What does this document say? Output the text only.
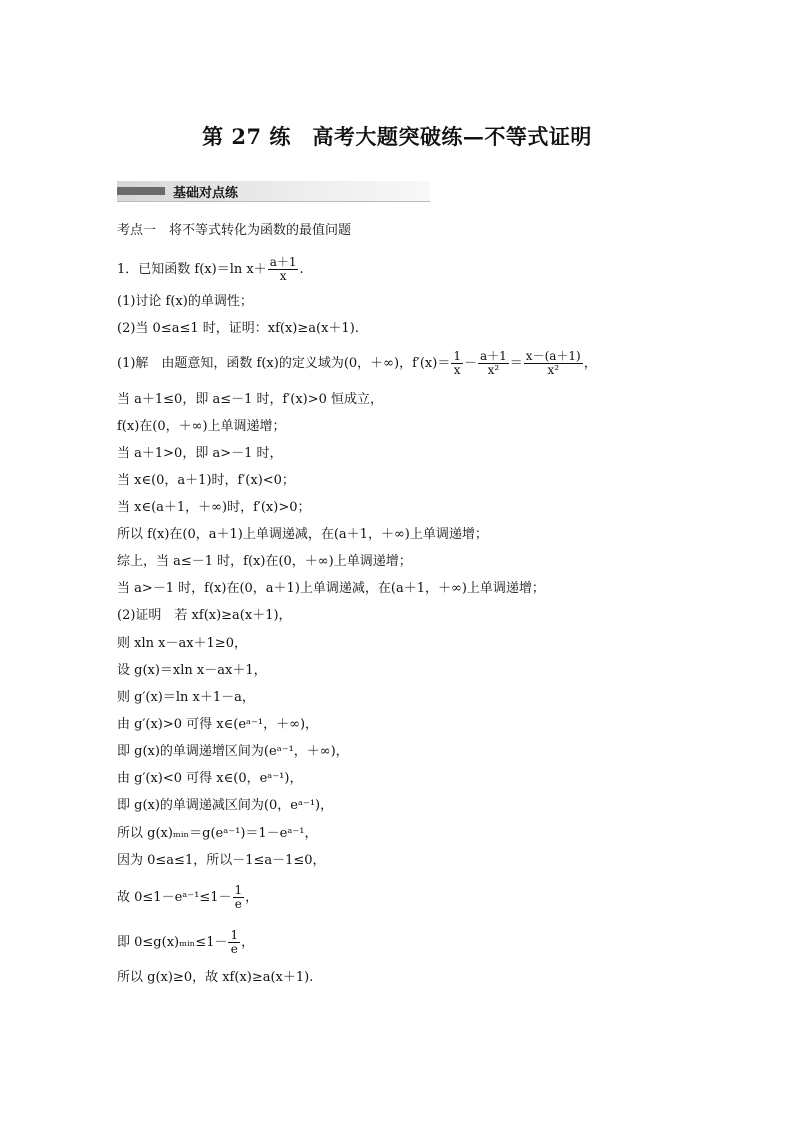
第 27 练　高考大题突破练—不等式证明
基础对点练
考点一　将不等式转化为函数的最值问题
1．已知函数 f(x)＝ln $x+ \frac{a+1}{x}$ .
(1)讨论 f(x)的单调性；
(2)当 0≤a≤1 时，证明：xf(x)≥a(x＋1).
(1)解　由题意知，函数 f(x)的定义域为(0，＋∞)，$f'(x)= \frac{1}{x} - \frac{a+1}{\text{x²}} = \frac{x-(a+1)}{\text{x²}}$ ，
当 a＋1≤0，即 a≤－1 时，f′(x)>0 恒成立，
f(x)在(0，＋∞)上单调递增；
当 a＋1>0，即 a>－1 时，
当 x∈(0，a＋1)时，f′(x)<0；
当 x∈(a＋1，＋∞)时，f′(x)>0；
所以 f(x)在(0，a＋1)上单调递减，在(a＋1，＋∞)上单调递增；
综上，当 a≤－1 时，f(x)在(0，＋∞)上单调递增；
当 a>－1 时，f(x)在(0，a＋1)上单调递减，在(a＋1，＋∞)上单调递增；
(2)证明　若 xf(x)≥a(x＋1)，
则 xln x－ax＋1≥0，
设 g(x)＝xln x－ax＋1，
则 g′(x)＝ln x＋1－a，
由 g′(x)>0 可得 x∈(eᵃ⁻¹，＋∞)，
即 g(x)的单调递增区间为(eᵃ⁻¹，＋∞)，
由 g′(x)<0 可得 x∈(0，eᵃ⁻¹)，
即 g(x)的单调递减区间为(0，eᵃ⁻¹)，
所以 g(x)ₘᵢₙ＝g(eᵃ⁻¹)＝1－eᵃ⁻¹，
因为 0≤a≤1，所以－1≤a－1≤0，
故 0≤1－eᵃ⁻¹≤1－ $\frac{1}{e}$ ，
即 0≤g(x)ₘᵢₙ≤1－ $\frac{1}{e}$ ，
所以 g(x)≥0，故 xf(x)≥a(x＋1).
